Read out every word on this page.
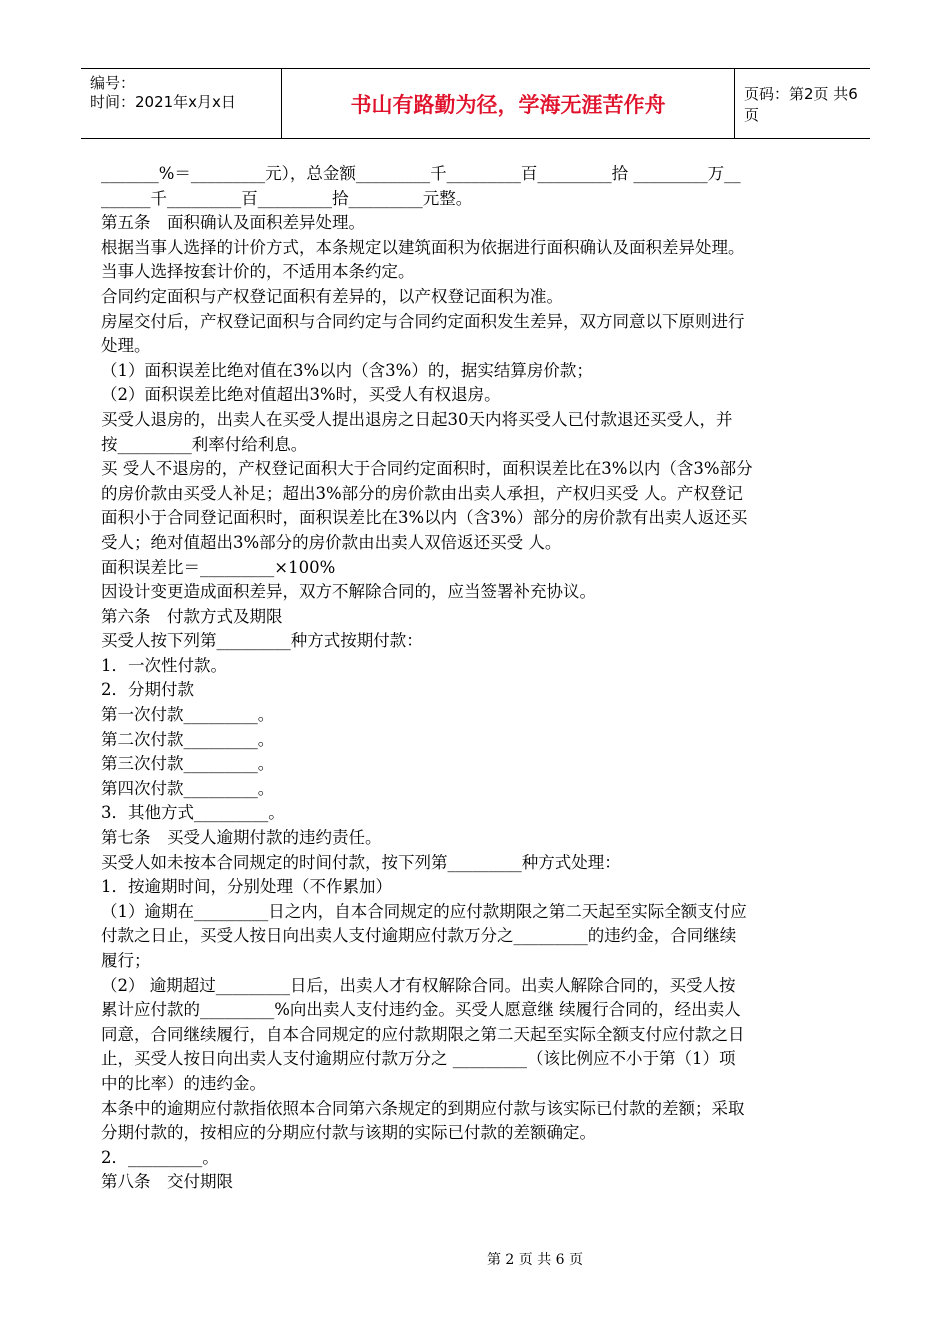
编号：
时间：2021年x月x日	书山有路勤为径，学海无涯苦作舟	页码：第2页 共6页
_______%＝_________元），总金额_________千_________百_________拾 _________万__
______千_________百_________拾_________元整。
第五条　面积确认及面积差异处理。
根据当事人选择的计价方式，本条规定以建筑面积为依据进行面积确认及面积差异处理。
当事人选择按套计价的，不适用本条约定。
合同约定面积与产权登记面积有差异的，以产权登记面积为准。
房屋交付后，产权登记面积与合同约定与合同约定面积发生差异，双方同意以下原则进行
处理。
（1）面积误差比绝对值在3%以内（含3%）的，据实结算房价款；
（2）面积误差比绝对值超出3%时，买受人有权退房。
买受人退房的，出卖人在买受人提出退房之日起30天内将买受人已付款退还买受人，并
按_________利率付给利息。
买 受人不退房的，产权登记面积大于合同约定面积时，面积误差比在3%以内（含3%部分
的房价款由买受人补足；超出3%部分的房价款由出卖人承担，产权归买受 人。产权登记
面积小于合同登记面积时，面积误差比在3%以内（含3%）部分的房价款有出卖人返还买
受人；绝对值超出3%部分的房价款由出卖人双倍返还买受 人。
面积误差比＝_________×100%
因设计变更造成面积差异，双方不解除合同的，应当签署补充协议。
第六条　付款方式及期限
买受人按下列第_________种方式按期付款：
1．一次性付款。
2．分期付款
第一次付款_________。
第二次付款_________。
第三次付款_________。
第四次付款_________。
3．其他方式_________。
第七条　买受人逾期付款的违约责任。
买受人如未按本合同规定的时间付款，按下列第_________种方式处理：
1．按逾期时间，分别处理（不作累加）
（1）逾期在_________日之内，自本合同规定的应付款期限之第二天起至实际全额支付应
付款之日止，买受人按日向出卖人支付逾期应付款万分之_________的违约金，合同继续
履行；
（2） 逾期超过_________日后，出卖人才有权解除合同。出卖人解除合同的，买受人按
累计应付款的_________%向出卖人支付违约金。买受人愿意继 续履行合同的，经出卖人
同意，合同继续履行，自本合同规定的应付款期限之第二天起至实际全额支付应付款之日
止，买受人按日向出卖人支付逾期应付款万分之 _________（该比例应不小于第（1）项
中的比率）的违约金。
本条中的逾期应付款指依照本合同第六条规定的到期应付款与该实际已付款的差额；采取
分期付款的，按相应的分期应付款与该期的实际已付款的差额确定。
2．_________。
第八条　交付期限
第 2 页 共 6 页
